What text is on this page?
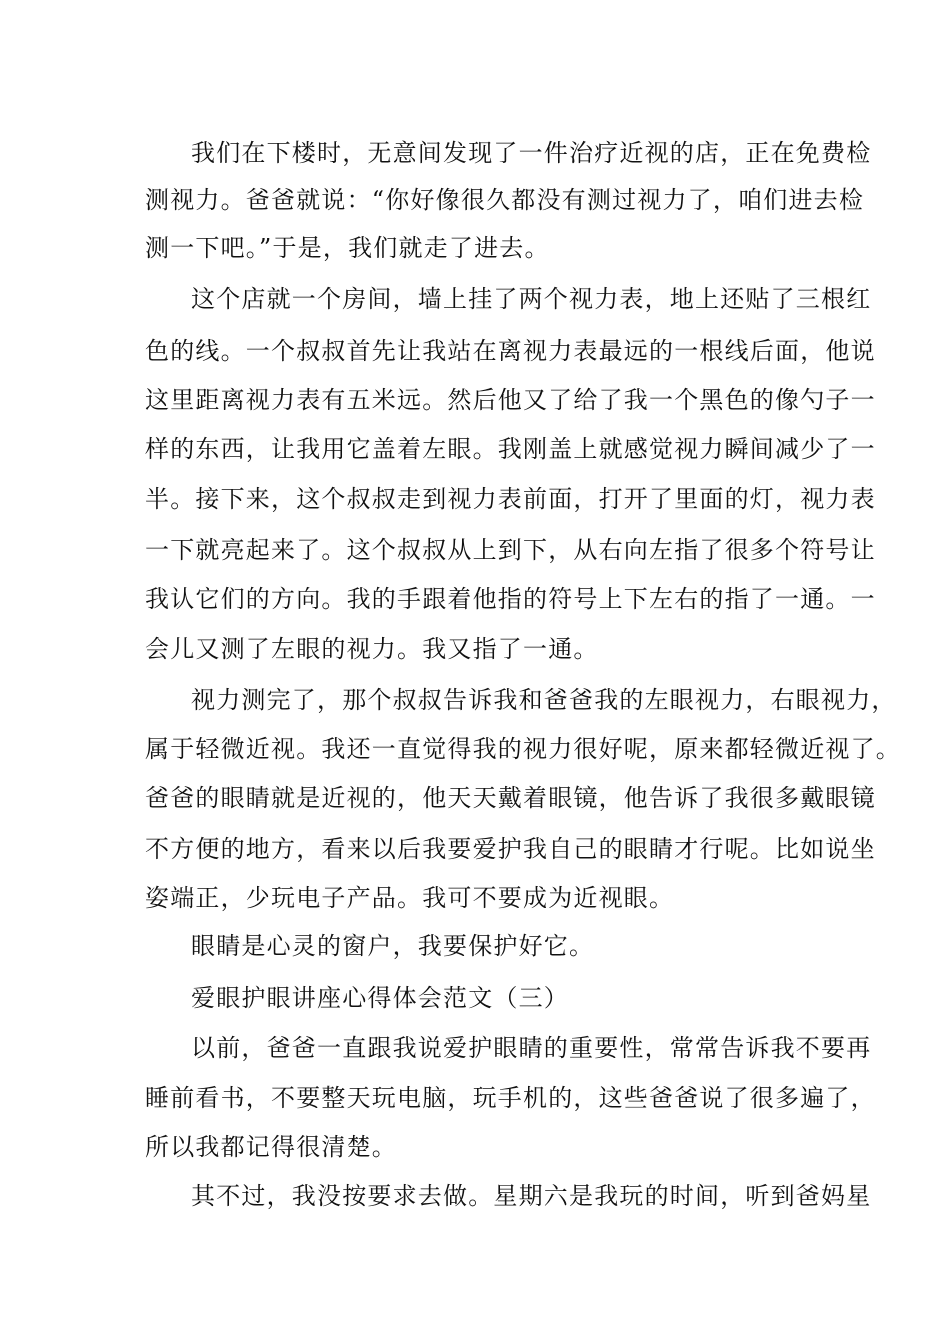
我们在下楼时，无意间发现了一件治疗近视的店，正在免费检
测视力。爸爸就说：“你好像很久都没有测过视力了，咱们进去检
测一下吧。”于是，我们就走了进去。
这个店就一个房间，墙上挂了两个视力表，地上还贴了三根红
色的线。一个叔叔首先让我站在离视力表最远的一根线后面，他说
这里距离视力表有五米远。然后他又了给了我一个黑色的像勺子一
样的东西，让我用它盖着左眼。我刚盖上就感觉视力瞬间减少了一
半。接下来，这个叔叔走到视力表前面，打开了里面的灯，视力表
一下就亮起来了。这个叔叔从上到下，从右向左指了很多个符号让
我认它们的方向。我的手跟着他指的符号上下左右的指了一通。一
会儿又测了左眼的视力。我又指了一通。
视力测完了，那个叔叔告诉我和爸爸我的左眼视力，右眼视力，
属于轻微近视。我还一直觉得我的视力很好呢，原来都轻微近视了。
爸爸的眼睛就是近视的，他天天戴着眼镜，他告诉了我很多戴眼镜
不方便的地方，看来以后我要爱护我自己的眼睛才行呢。比如说坐
姿端正，少玩电子产品。我可不要成为近视眼。
眼睛是心灵的窗户，我要保护好它。
爱眼护眼讲座心得体会范文（三）
以前，爸爸一直跟我说爱护眼睛的重要性，常常告诉我不要再
睡前看书，不要整天玩电脑，玩手机的，这些爸爸说了很多遍了，
所以我都记得很清楚。
其不过，我没按要求去做。星期六是我玩的时间，听到爸妈星
